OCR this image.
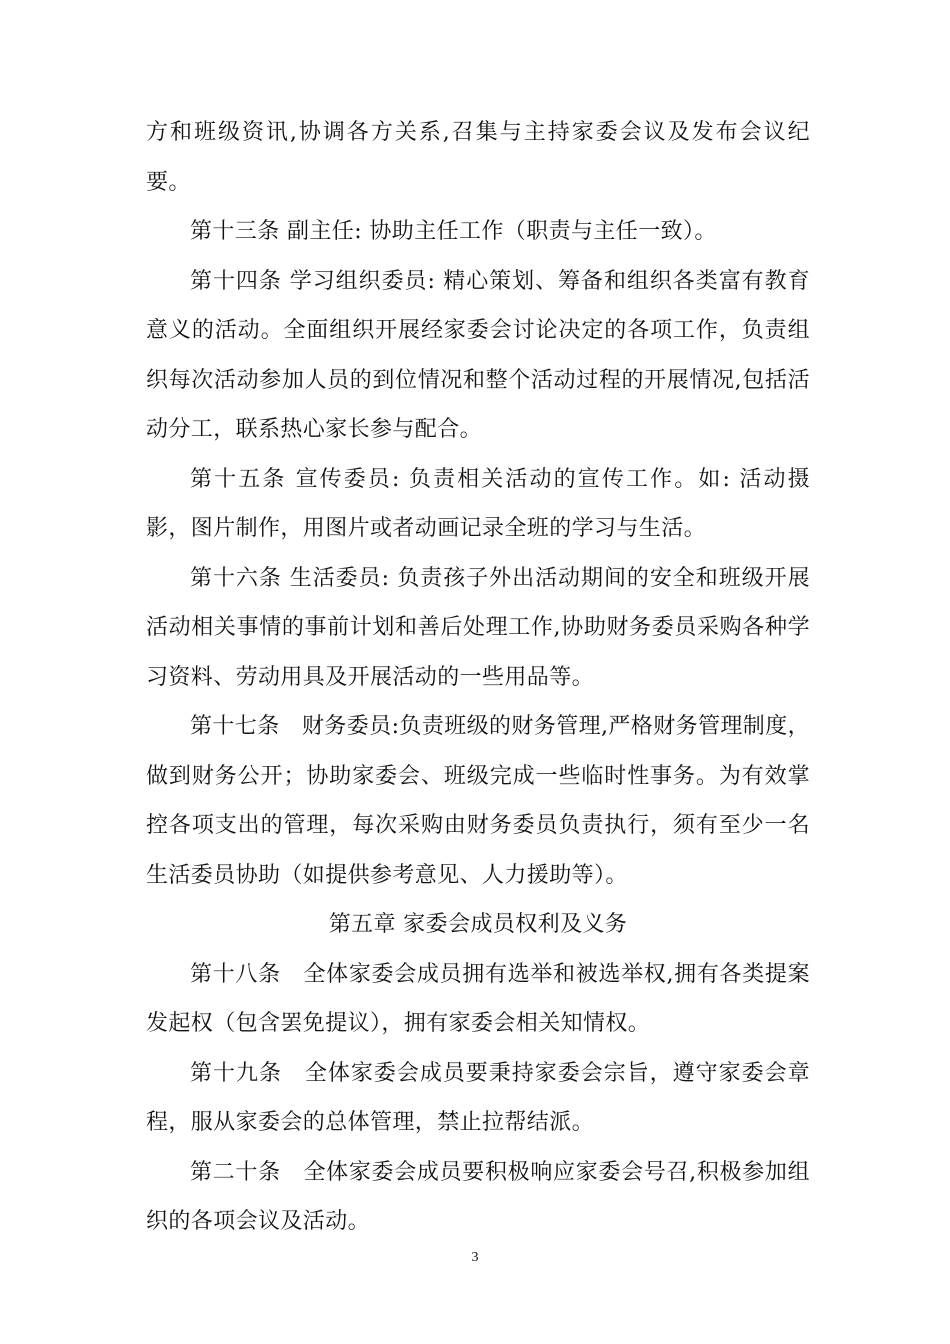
方和班级资讯,协调各方关系,召集与主持家委会议及发布会议纪要。

第十三条 副主任: 协助主任工作（职责与主任一致）。

第十四条 学习组织委员: 精心策划、筹备和组织各类富有教育意义的活动。全面组织开展经家委会讨论决定的各项工作，负责组织每次活动参加人员的到位情况和整个活动过程的开展情况,包括活动分工，联系热心家长参与配合。

第十五条 宣传委员: 负责相关活动的宣传工作。如: 活动摄影，图片制作，用图片或者动画记录全班的学习与生活。

第十六条 生活委员: 负责孩子外出活动期间的安全和班级开展活动相关事情的事前计划和善后处理工作,协助财务委员采购各种学习资料、劳动用具及开展活动的一些用品等。

第十七条　财务委员:负责班级的财务管理,严格财务管理制度，做到财务公开；协助家委会、班级完成一些临时性事务。为有效掌控各项支出的管理，每次采购由财务委员负责执行，须有至少一名生活委员协助（如提供参考意见、人力援助等）。

第五章 家委会成员权利及义务

第十八条　全体家委会成员拥有选举和被选举权,拥有各类提案发起权（包含罢免提议），拥有家委会相关知情权。

第十九条　全体家委会成员要秉持家委会宗旨，遵守家委会章程，服从家委会的总体管理，禁止拉帮结派。

第二十条　全体家委会成员要积极响应家委会号召,积极参加组织的各项会议及活动。

3
